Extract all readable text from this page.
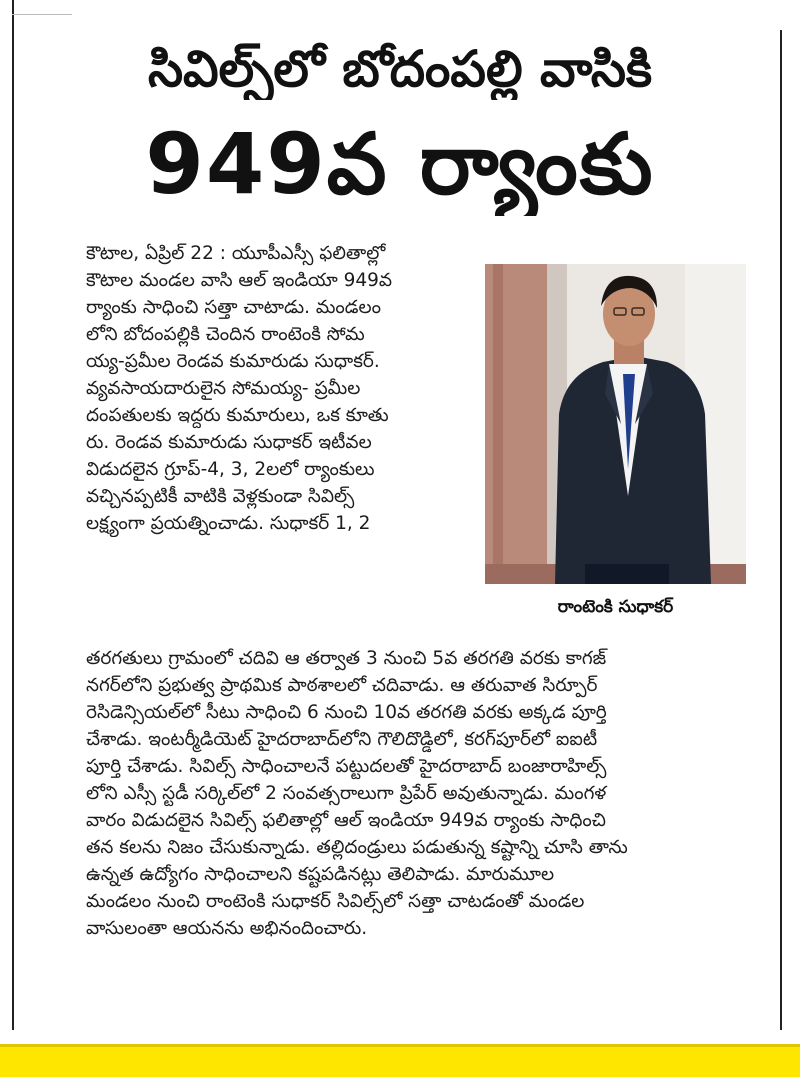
సివిల్స్‌లో బోదంపల్లి వాసికి
949వ ర్యాంకు
కౌటాల, ఏప్రిల్ 22 : యూపీఎస్సీ ఫలితాల్లో
కౌటాల మండల వాసి ఆల్ ఇండియా 949వ
ర్యాంకు సాధించి సత్తా చాటాడు. మండలం
లోని బోదంపల్లికి చెందిన రాంటెంకి సోమ
య్య-ప్రమీల రెండవ కుమారుడు సుధాకర్.
వ్యవసాయదారులైన సోమయ్య- ప్రమీల
దంపతులకు ఇద్దరు కుమారులు, ఒక కూతు
రు. రెండవ కుమారుడు సుధాకర్ ఇటీవల
విడుదలైన గ్రూప్-4, 3, 2లలో ర్యాంకులు
వచ్చినప్పటికీ వాటికి వెళ్లకుండా సివిల్స్
లక్ష్యంగా ప్రయత్నించాడు. సుధాకర్ 1, 2
రాంటెంకి సుధాకర్
తరగతులు గ్రామంలో చదివి ఆ తర్వాత 3 నుంచి 5వ తరగతి వరకు కాగజ్
నగర్‌లోని ప్రభుత్వ ప్రాథమిక పాఠశాలలో చదివాడు. ఆ తరువాత సిర్పూర్
రెసిడెన్సియల్‌లో సీటు సాధించి 6 నుంచి 10వ తరగతి వరకు అక్కడ పూర్తి
చేశాడు. ఇంటర్మీడియెట్ హైదరాబాద్‌లోని గౌలిదొడ్డిలో, కరగ్‌పూర్‌లో ఐఐటీ
పూర్తి చేశాడు. సివిల్స్ సాధించాలనే పట్టుదలతో హైదరాబాద్ బంజారాహిల్స్
లోని ఎస్సీ స్టడీ సర్కిల్‌లో 2 సంవత్సరాలుగా ప్రిపేర్ అవుతున్నాడు. మంగళ
వారం విడుదలైన సివిల్స్ ఫలితాల్లో ఆల్ ఇండియా 949వ ర్యాంకు సాధించి
తన కలను నిజం చేసుకున్నాడు. తల్లిదండ్రులు పడుతున్న కష్టాన్ని చూసి తాను
ఉన్నత ఉద్యోగం సాధించాలని కష్టపడినట్లు తెలిపాడు. మారుమూల
మండలం నుంచి రాంటెంకి సుధాకర్ సివిల్స్‌లో సత్తా చాటడంతో మండల
వాసులంతా ఆయనను అభినందించారు.
